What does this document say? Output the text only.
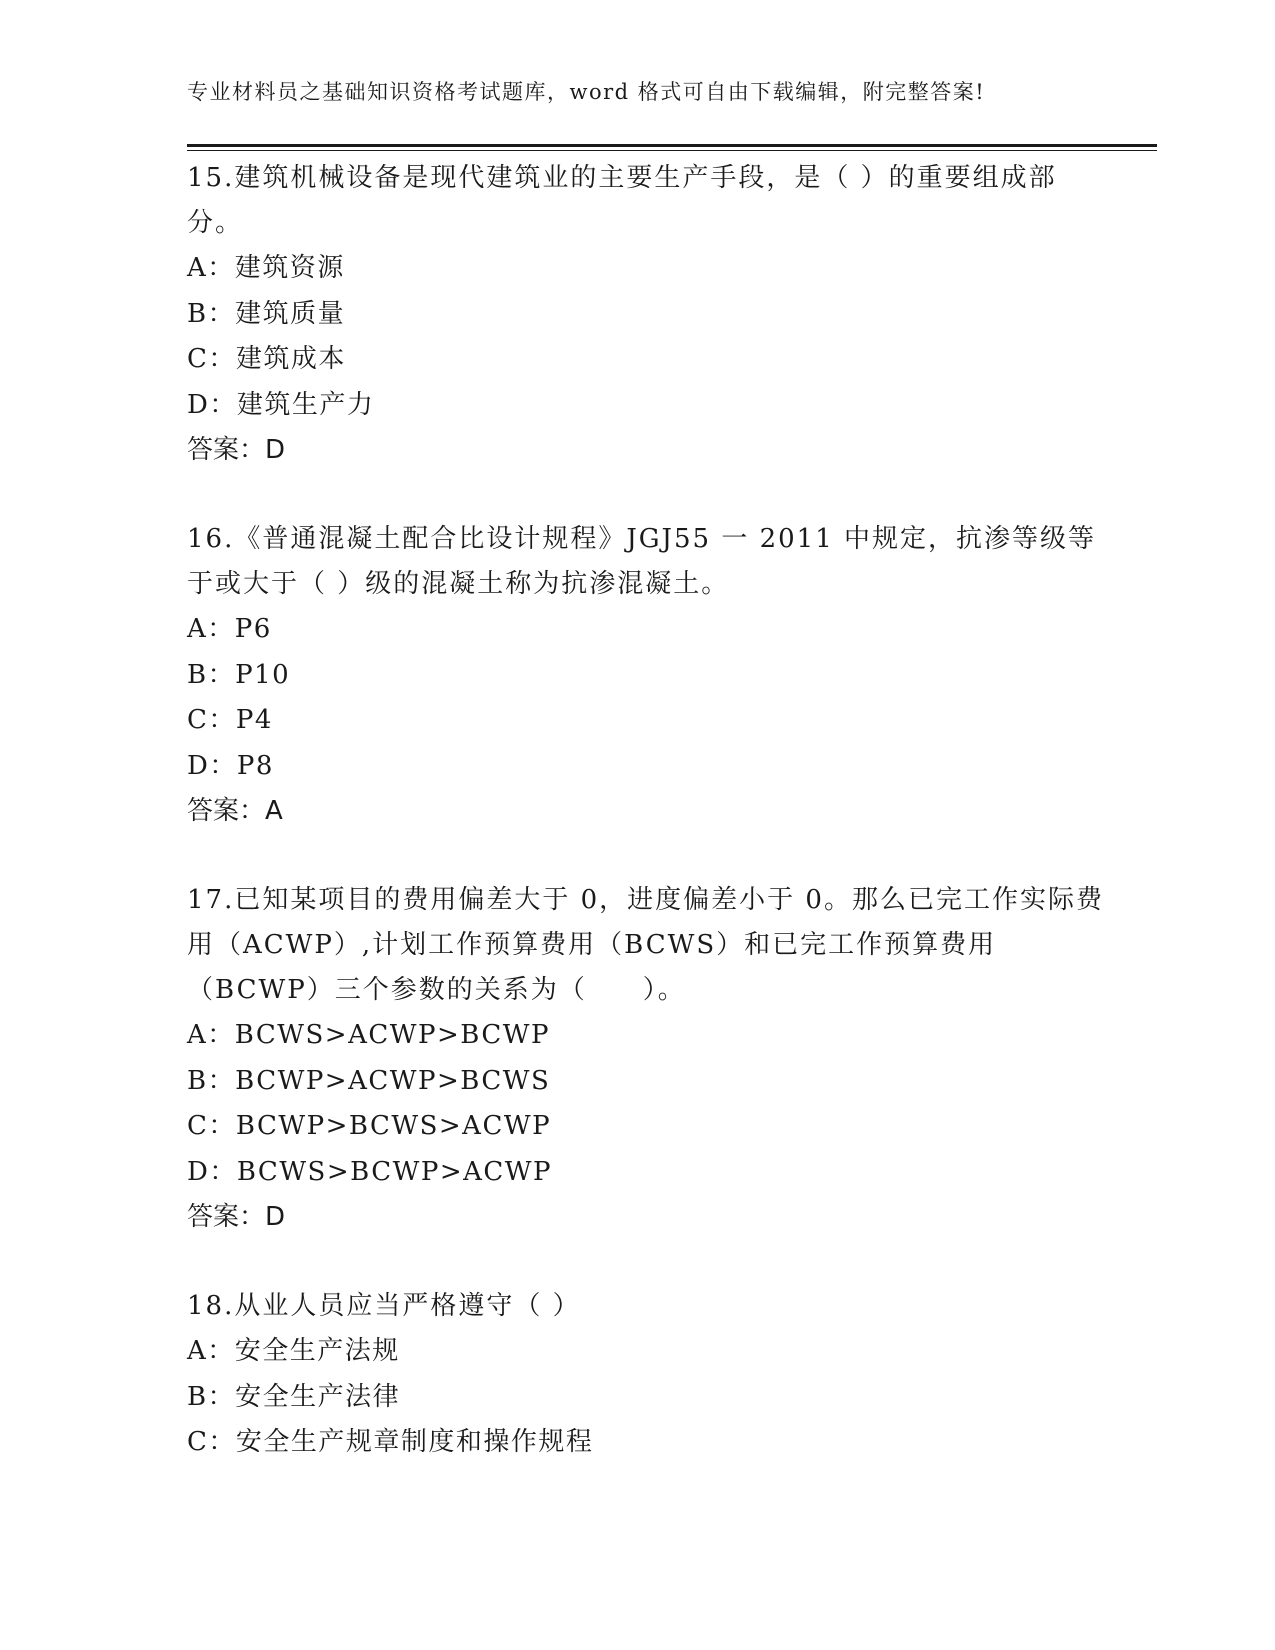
专业材料员之基础知识资格考试题库，word 格式可自由下载编辑，附完整答案!

15.建筑机械设备是现代建筑业的主要生产手段，是（ ）的重要组成部分。

A：建筑资源

B：建筑质量

C：建筑成本

D：建筑生产力

答案：D

16.《普通混凝土配合比设计规程》JGJ55 一 2011 中规定，抗渗等级等于或大于（ ）级的混凝土称为抗渗混凝土。

A：P6

B：P10

C：P4

D：P8

答案：A

17.已知某项目的费用偏差大于 0，进度偏差小于 0。那么已完工作实际费用（ACWP）,计划工作预算费用（BCWS）和已完工作预算费用（BCWP）三个参数的关系为（　　）。

A：BCWS>ACWP>BCWP

B：BCWP>ACWP>BCWS

C：BCWP>BCWS>ACWP

D：BCWS>BCWP>ACWP

答案：D

18.从业人员应当严格遵守（ ）

A：安全生产法规

B：安全生产法律

C：安全生产规章制度和操作规程
